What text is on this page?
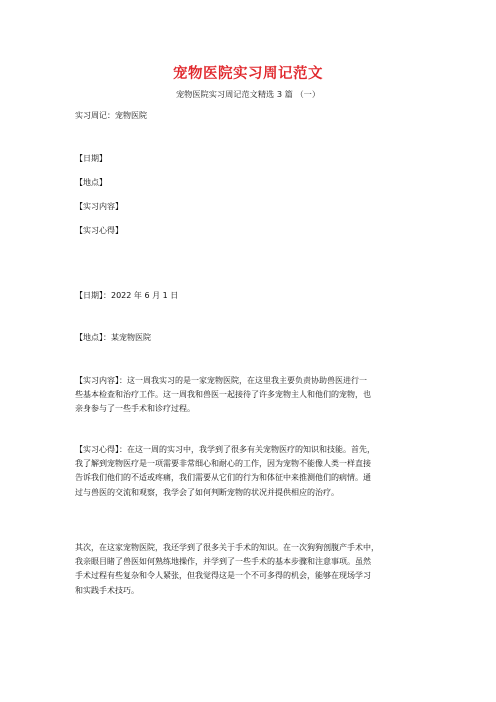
宠物医院实习周记范文
宠物医院实习周记范文精选 3 篇 （一）
实习周记：宠物医院
【日期】
【地点】
【实习内容】
【实习心得】
【日期】：2022 年 6 月 1 日
【地点】：某宠物医院

【实习内容】：这一周我实习的是一家宠物医院，在这里我主要负责协助兽医进行一

些基本检查和治疗工作。这一周我和兽医一起接待了许多宠物主人和他们的宠物，也

亲身参与了一些手术和诊疗过程。

【实习心得】：在这一周的实习中，我学到了很多有关宠物医疗的知识和技能。首先，

我了解到宠物医疗是一项需要非常细心和耐心的工作，因为宠物不能像人类一样直接

告诉我们他们的不适或疼痛，我们需要从它们的行为和体征中来推测他们的病情。通

过与兽医的交流和观察，我学会了如何判断宠物的状况并提供相应的治疗。

其次，在这家宠物医院，我还学到了很多关于手术的知识。在一次狗狗剖腹产手术中，

我亲眼目睹了兽医如何熟练地操作，并学到了一些手术的基本步骤和注意事项。虽然

手术过程有些复杂和令人紧张，但我觉得这是一个不可多得的机会，能够在现场学习

和实践手术技巧。
